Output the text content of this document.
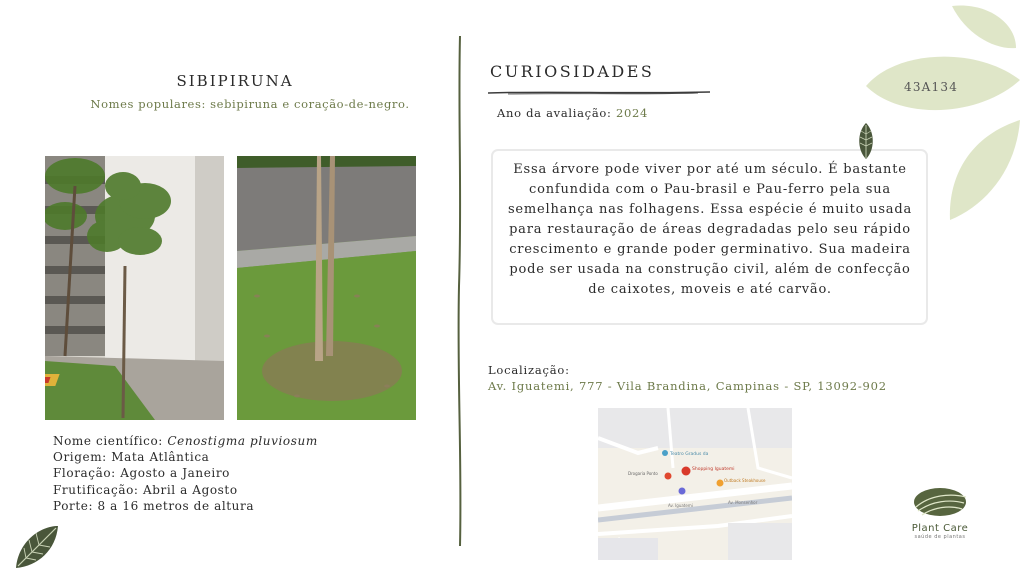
SIBIPIRUNA
Nomes populares: sebipiruna e coração-de-negro.
Nome científico: Cenostigma pluviosum
Origem: Mata Atlântica
Floração: Agosto a Janeiro
Frutificação: Abril a Agosto
Porte: 8 a 16 metros de altura
CURIOSIDADES
Ano da avaliação: 2024
Essa árvore pode viver por até um século. É bastante confundida com o Pau-brasil e Pau-ferro pela sua semelhança nas folhagens. Essa espécie é muito usada para restauração de áreas degradadas pelo seu rápido crescimento e grande poder germinativo. Sua madeira pode ser usada na construção civil, além de confecção de caixotes, moveis e até carvão.
Localização:
Av. Iguatemi, 777 - Vila Brandina, Campinas - SP, 13092-902
Teatro Gradus da
Shopping Iguatemi
Outback Steakhouse
Drogaria Ponto
Av. Iguatemi
Av. Monsenhor
43A134
Plant Care
saúde de plantas
